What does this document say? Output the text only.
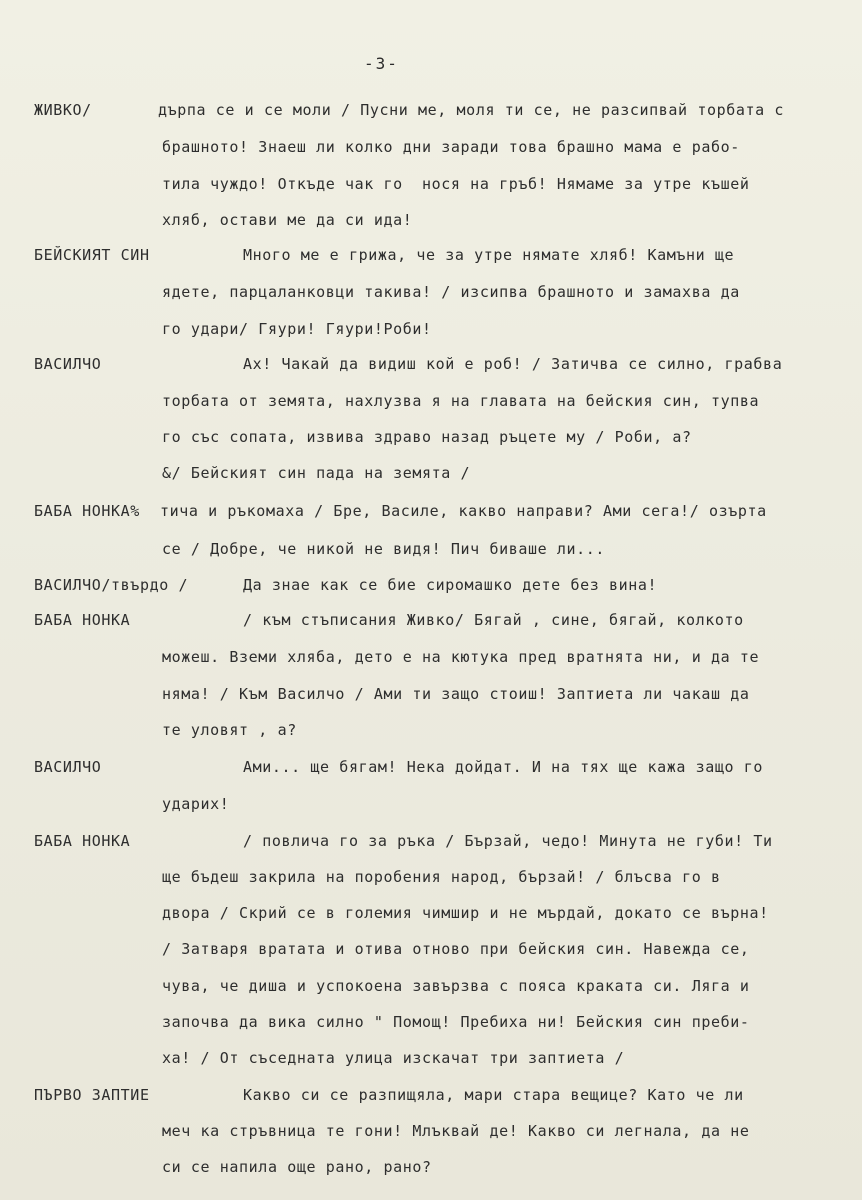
-3-
ЖИВКО/	дърпа се и се моли / Пусни ме, моля ти се, не разсипвай торбата с
брашното! Знаеш ли колко дни заради това брашно мама е рабо-
тила чуждо! Откъде чак го  нося на гръб! Нямаме за утре къшей
хляб, остави ме да си ида!
БЕЙСКИЯТ СИН	Много ме е грижа, че за утре нямате хляб! Камъни ще
ядете, парцаланковци такива! / изсипва брашното и замахва да
го удари/ Гяури! Гяури!Роби!
ВАСИЛЧО	Ах! Чакай да видиш кой е роб! / Затичва се силно, грабва
торбата от земята, нахлузва я на главата на бейския син, тупва
го със сопата, извива здраво назад ръцете му / Роби, а?
&/ Бейският син пада на земята /
БАБА НОНКА% тича и ръкомаха / Бре, Василе, какво направи? Ами сега!/ озърта
се / Добре, че никой не видя! Пич биваше ли...
ВАСИЛЧО/твърдо /	Да знае как се бие сиромашко дете без вина!
БАБА НОНКА	/ към стъписания Живко/ Бягай , сине, бягай, колкото
можеш. Вземи хляба, дето е на кютука пред вратнята ни, и да те
няма! / Към Василчо / Ами ти защо стоиш! Заптиета ли чакаш да
те уловят , а?
ВАСИЛЧО	Ами... ще бягам! Нека дойдат. И на тях ще кажа защо го
ударих!
БАБА НОНКА	/ повлича го за ръка / Бързай, чедо! Минута не губи! Ти
ще бъдеш закрила на поробения народ, бързай! / блъсва го в
двора / Скрий се в големия чимшир и не мърдай, докато се върна!
/ Затваря вратата и отива отново при бейския син. Навежда се,
чува, че диша и успокоена завързва с пояса краката си. Ляга и
започва да вика силно " Помощ! Пребиха ни! Бейския син преби-
ха! / От съседната улица изскачат три заптиета /
ПЪРВО ЗАПТИЕ	Какво си се разпищяла, мари стара вещице? Като че ли
меч ка стръвница те гони! Млъквай де! Какво си легнала, да не
си се напила още рано, рано?
